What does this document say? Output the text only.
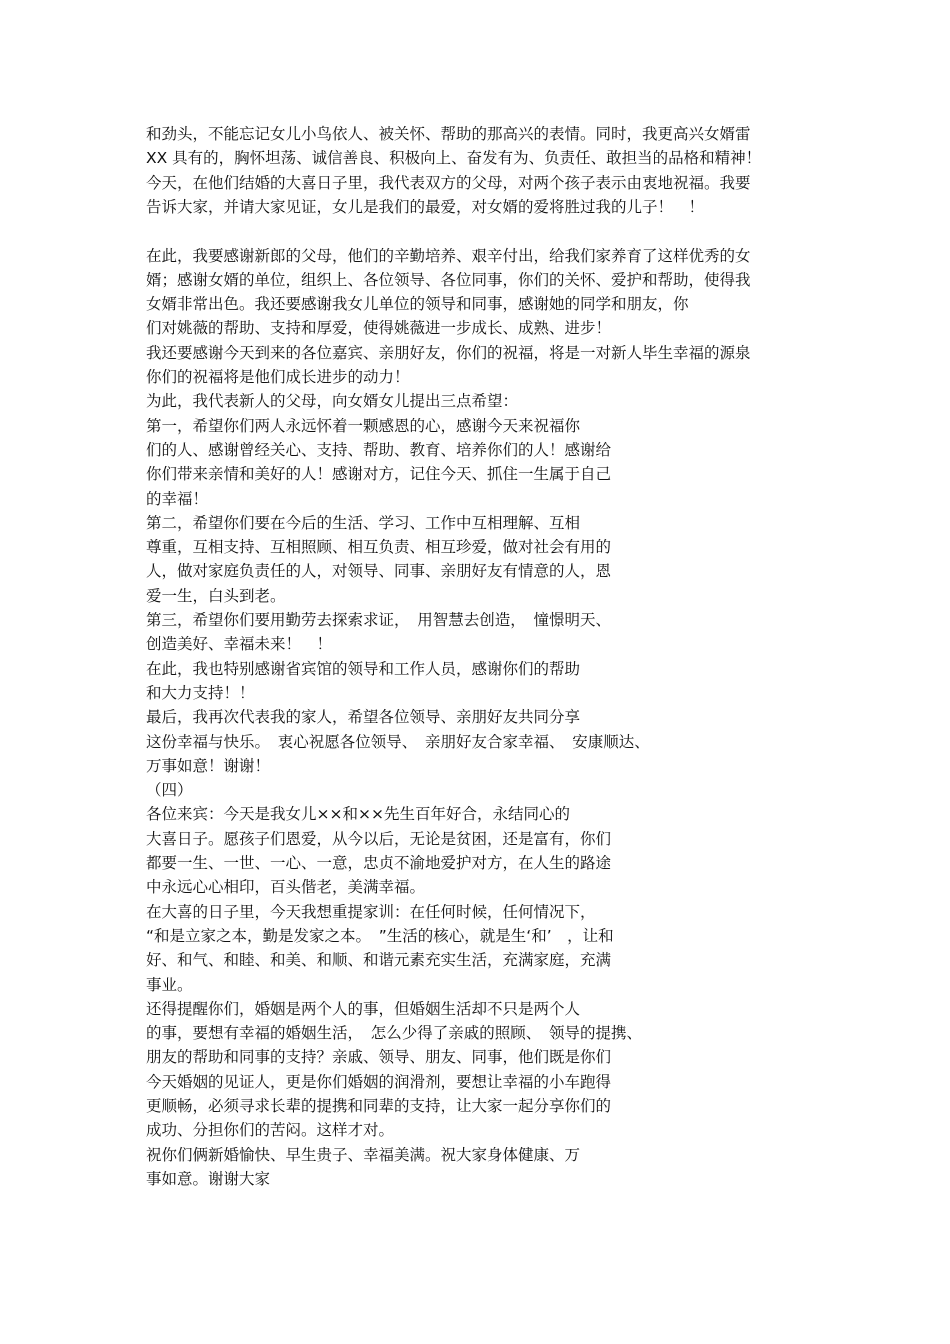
和劲头，不能忘记女儿小鸟依人、被关怀、帮助的那高兴的表情。同时，我更高兴女婿雷
XX 具有的，胸怀坦荡、诚信善良、积极向上、奋发有为、负责任、敢担当的品格和精神！
今天，在他们结婚的大喜日子里，我代表双方的父母，对两个孩子表示由衷地祝福。我要
告诉大家，并请大家见证，女儿是我们的最爱，对女婿的爱将胜过我的儿子！　！
在此，我要感谢新郎的父母，他们的辛勤培养、艰辛付出，给我们家养育了这样优秀的女
婿；感谢女婿的单位，组织上、各位领导、各位同事，你们的关怀、爱护和帮助，使得我
女婿非常出色。我还要感谢我女儿单位的领导和同事，感谢她的同学和朋友，你
们对姚薇的帮助、支持和厚爱，使得姚薇进一步成长、成熟、进步！
我还要感谢今天到来的各位嘉宾、亲朋好友，你们的祝福，将是一对新人毕生幸福的源泉
你们的祝福将是他们成长进步的动力！
为此，我代表新人的父母，向女婿女儿提出三点希望：
第一，希望你们两人永远怀着一颗感恩的心，感谢今天来祝福你
们的人、感谢曾经关心、支持、帮助、教育、培养你们的人！感谢给
你们带来亲情和美好的人！感谢对方，记住今天、抓住一生属于自己
的幸福！
第二，希望你们要在今后的生活、学习、工作中互相理解、互相
尊重，互相支持、互相照顾、相互负责、相互珍爱，做对社会有用的
人，做对家庭负责任的人，对领导、同事、亲朋好友有情意的人，恩
爱一生，白头到老。
第三，希望你们要用勤劳去探索求证，　用智慧去创造，　憧憬明天、
创造美好、幸福未来！　！
在此，我也特别感谢省宾馆的领导和工作人员，感谢你们的帮助
和大力支持！！
最后，我再次代表我的家人，希望各位领导、亲朋好友共同分享
这份幸福与快乐。　衷心祝愿各位领导、　亲朋好友合家幸福、　安康顺达、
万事如意！谢谢！
（四）
各位来宾：今天是我女儿××和××先生百年好合，永结同心的
大喜日子。愿孩子们恩爱，从今以后，无论是贫困，还是富有，你们
都要一生、一世、一心、一意，忠贞不渝地爱护对方，在人生的路途
中永远心心相印，百头偕老，美满幸福。
在大喜的日子里，今天我想重提家训：在任何时候，任何情况下，
“和是立家之本，勤是发家之本。　”生活的核心，就是生‘和’　，让和
好、和气、和睦、和美、和顺、和谐元素充实生活，充满家庭，充满
事业。
还得提醒你们，婚姻是两个人的事，但婚姻生活却不只是两个人
的事，要想有幸福的婚姻生活，　怎么少得了亲戚的照顾、　领导的提携、
朋友的帮助和同事的支持？亲戚、领导、朋友、同事，他们既是你们
今天婚姻的见证人，更是你们婚姻的润滑剂，要想让幸福的小车跑得
更顺畅，必须寻求长辈的提携和同辈的支持，让大家一起分享你们的
成功、分担你们的苦闷。这样才对。
祝你们俩新婚愉快、早生贵子、幸福美满。祝大家身体健康、万
事如意。谢谢大家
